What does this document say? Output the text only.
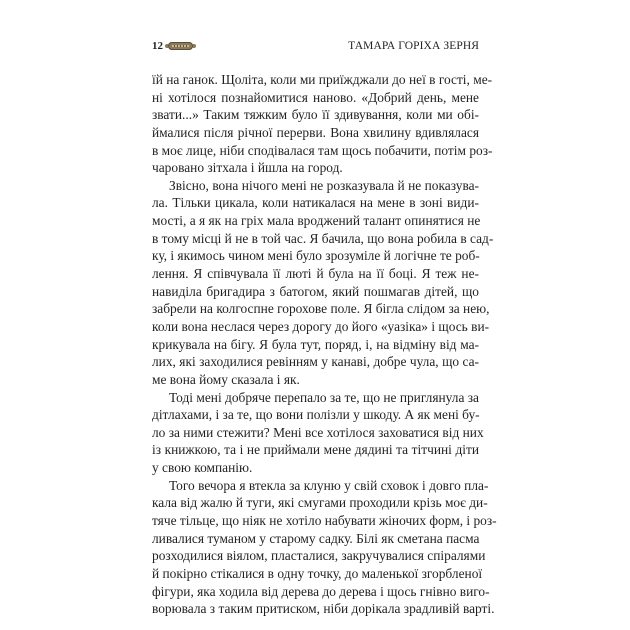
12	ТАМАРА ГОРІХА ЗЕРНЯ
їй на ганок. Щоліта, коли ми приїжджали до неї в гості, ме-
ні хотілося познайомитися наново. «Добрий день, мене
звати...» Таким тяжким було її здивування, коли ми обі-
ймалися після річної перерви. Вона хвилину вдивлялася
в моє лице, ніби сподівалася там щось побачити, потім роз-
чаровано зітхала і йшла на город.
Звісно, вона нічого мені не розказувала й не показува-
ла. Тільки цикала, коли натикалася на мене в зоні види-
мості, а я як на гріх мала вроджений талант опинятися не
в тому місці й не в той час. Я бачила, що вона робила в сад-
ку, і якимось чином мені було зрозуміле й логічне те роб-
лення. Я співчувала її люті й була на її боці. Я теж не-
навиділа бригадира з батогом, який пошмагав дітей, що
забрели на колгоспне горохове поле. Я бігла слідом за нею,
коли вона неслася через дорогу до його «уазіка» і щось ви-
крикувала на бігу. Я була тут, поряд, і, на відміну від ма-
лих, які заходилися ревінням у канаві, добре чула, що са-
ме вона йому сказала і як.
Тоді мені добряче перепало за те, що не приглянула за
дітлахами, і за те, що вони полізли у шкоду. А як мені бу-
ло за ними стежити? Мені все хотілося заховатися від них
із книжкою, та і не приймали мене дядині та тітчині діти
у свою компанію.
Того вечора я втекла за клуню у свій сховок і довго пла-
кала від жалю й туги, які смугами проходили крізь моє ди-
тяче тільце, що ніяк не хотіло набувати жіночих форм, і роз-
ливалися туманом у старому садку. Білі як сметана пасма
розходилися віялом, пласталися, закручувалися спіралями
й покірно стікалися в одну точку, до маленької згорбленої
фігури, яка ходила від дерева до дерева і щось гнівно виго-
ворювала з таким притиском, ніби дорікала зрадливій варті.
